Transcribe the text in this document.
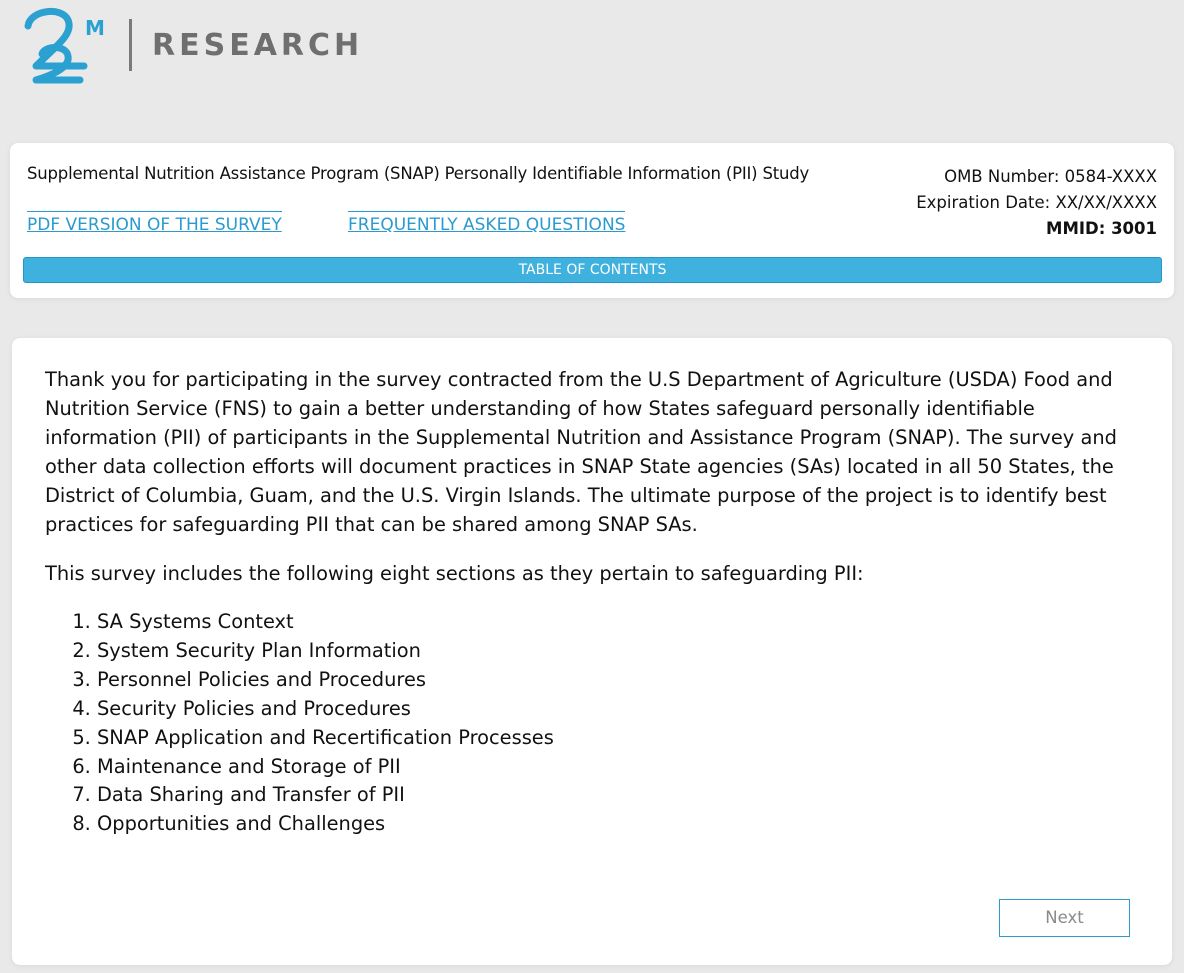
M RESEARCH
Supplemental Nutrition Assistance Program (SNAP) Personally Identifiable Information (PII) Study	OMB Number: 0584-XXXX
Expiration Date: XX/XX/XXXX
MMID: 3001
PDF VERSION OF THE SURVEY	FREQUENTLY ASKED QUESTIONS
TABLE OF CONTENTS

Thank you for participating in the survey contracted from the U.S Department of Agriculture (USDA) Food and Nutrition Service (FNS) to gain a better understanding of how States safeguard personally identifiable information (PII) of participants in the Supplemental Nutrition and Assistance Program (SNAP). The survey and other data collection efforts will document practices in SNAP State agencies (SAs) located in all 50 States, the District of Columbia, Guam, and the U.S. Virgin Islands. The ultimate purpose of the project is to identify best practices for safeguarding PII that can be shared among SNAP SAs.

This survey includes the following eight sections as they pertain to safeguarding PII:

1. SA Systems Context
2. System Security Plan Information
3. Personnel Policies and Procedures
4. Security Policies and Procedures
5. SNAP Application and Recertification Processes
6. Maintenance and Storage of PII
7. Data Sharing and Transfer of PII
8. Opportunities and Challenges
Next
